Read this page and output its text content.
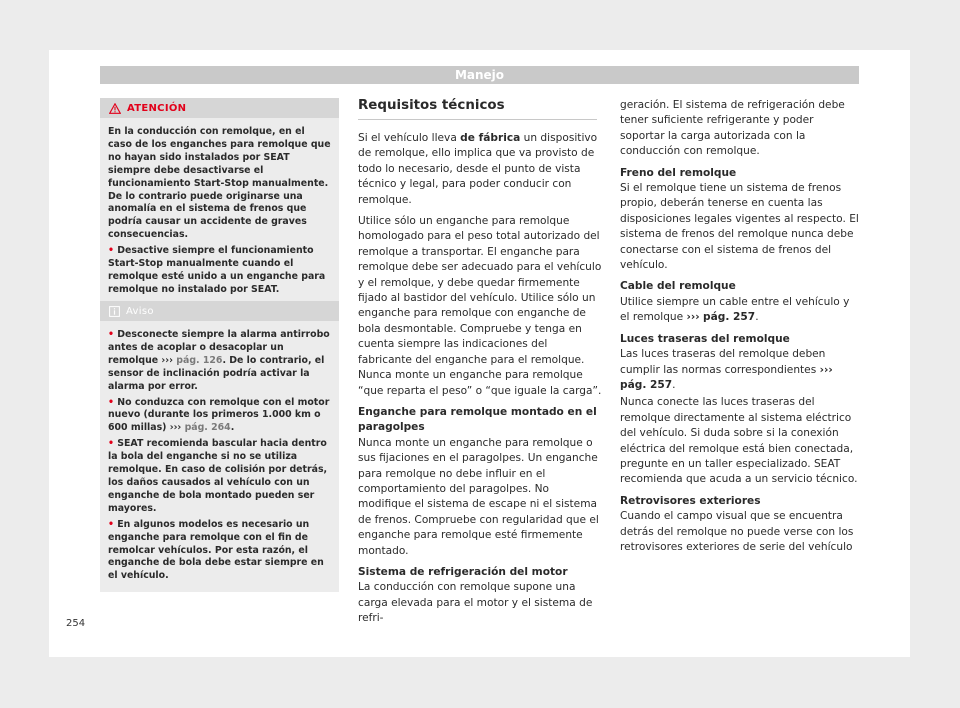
Manejo
ATENCIÓN

En la conducción con remolque, en el caso de los enganches para remolque que no hayan sido instalados por SEAT siempre debe desactivarse el funcionamiento Start-Stop manualmente. De lo contrario puede originarse una anomalía en el sistema de frenos que podría causar un accidente de graves consecuencias.

• Desactive siempre el funcionamiento Start-Stop manualmente cuando el remolque esté unido a un enganche para remolque no instalado por SEAT.

Aviso

• Desconecte siempre la alarma antirrobo antes de acoplar o desacoplar un remolque ››› pág. 126. De lo contrario, el sensor de inclinación podría activar la alarma por error.

• No conduzca con remolque con el motor nuevo (durante los primeros 1.000 km o 600 millas) ››› pág. 264.

• SEAT recomienda bascular hacia dentro la bola del enganche si no se utiliza remolque. En caso de colisión por detrás, los daños causados al vehículo con un enganche de bola montado pueden ser mayores.

• En algunos modelos es necesario un enganche para remolque con el fin de remolcar vehículos. Por esta razón, el enganche de bola debe estar siempre en el vehículo.

Requisitos técnicos

Si el vehículo lleva de fábrica un dispositivo de remolque, ello implica que va provisto de todo lo necesario, desde el punto de vista técnico y legal, para poder conducir con remolque.

Utilice sólo un enganche para remolque homologado para el peso total autorizado del remolque a transportar. El enganche para remolque debe ser adecuado para el vehículo y el remolque, y debe quedar firmemente fijado al bastidor del vehículo. Utilice sólo un enganche para remolque con enganche de bola desmontable. Compruebe y tenga en cuenta siempre las indicaciones del fabricante del enganche para el remolque. Nunca monte un enganche para remolque “que reparta el peso” o “que iguale la carga”.

Enganche para remolque montado en el paragolpes

Nunca monte un enganche para remolque o sus fijaciones en el paragolpes. Un enganche para remolque no debe influir en el comportamiento del paragolpes. No modifique el sistema de escape ni el sistema de frenos. Compruebe con regularidad que el enganche para remolque esté firmemente montado.

Sistema de refrigeración del motor

La conducción con remolque supone una carga elevada para el motor y el sistema de refri-

geración. El sistema de refrigeración debe tener suficiente refrigerante y poder soportar la carga autorizada con la conducción con remolque.

Freno del remolque

Si el remolque tiene un sistema de frenos propio, deberán tenerse en cuenta las disposiciones legales vigentes al respecto. El sistema de frenos del remolque nunca debe conectarse con el sistema de frenos del vehículo.

Cable del remolque

Utilice siempre un cable entre el vehículo y el remolque ››› pág. 257.

Luces traseras del remolque

Las luces traseras del remolque deben cumplir las normas correspondientes ››› pág. 257.

Nunca conecte las luces traseras del remolque directamente al sistema eléctrico del vehículo. Si duda sobre si la conexión eléctrica del remolque está bien conectada, pregunte en un taller especializado. SEAT recomienda que acuda a un servicio técnico.

Retrovisores exteriores

Cuando el campo visual que se encuentra detrás del remolque no puede verse con los retrovisores exteriores de serie del vehículo

254
